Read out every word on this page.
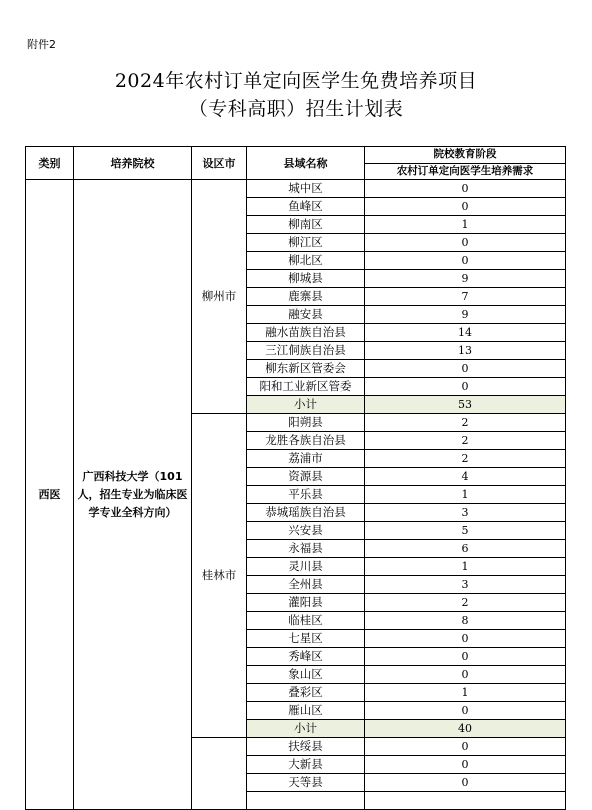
附件2
2024年农村订单定向医学生免费培养项目
（专科高职）招生计划表
类别	培养院校	设区市	县域名称	院校教育阶段
				农村订单定向医学生培养需求
西医	广西科技大学（101人，招生专业为临床医学专业全科方向）	柳州市	城中区	0
			鱼峰区	0
			柳南区	1
			柳江区	0
			柳北区	0
			柳城县	9
			鹿寨县	7
			融安县	9
			融水苗族自治县	14
			三江侗族自治县	13
			柳东新区管委会	0
			阳和工业新区管委	0
			小计	53
		桂林市	阳朔县	2
			龙胜各族自治县	2
			荔浦市	2
			资源县	4
			平乐县	1
			恭城瑶族自治县	3
			兴安县	5
			永福县	6
			灵川县	1
			全州县	3
			灌阳县	2
			临桂区	8
			七星区	0
			秀峰区	0
			象山区	0
			叠彩区	1
			雁山区	0
			小计	40
			扶绥县	0
			大新县	0
			天等县	0
